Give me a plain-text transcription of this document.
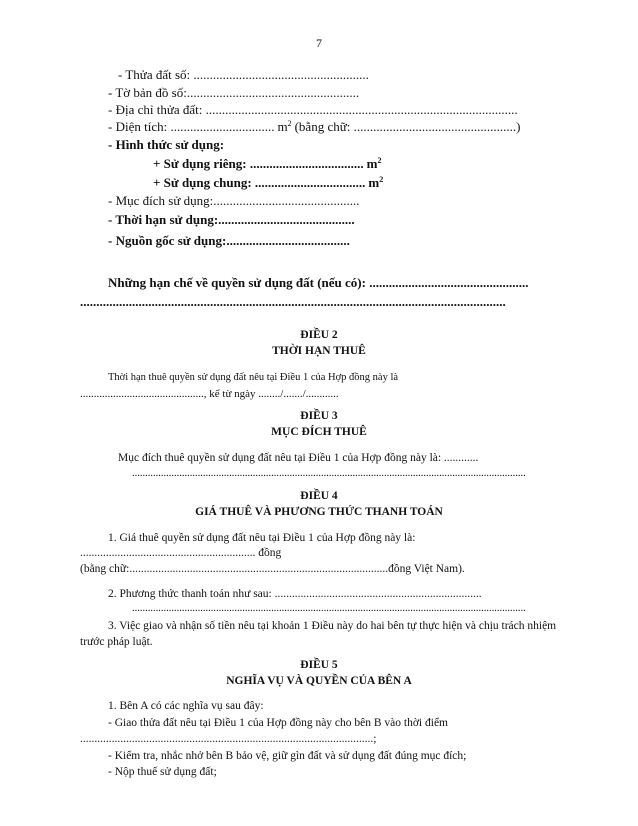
7
- Thửa đất số: ......................................................
- Tờ bản đồ số:.....................................................
- Địa chỉ thửa đất: ................................................................................................
- Diện tích: ................................ $m^2$ (bằng chữ: ..................................................)
- Hình thức sử dụng:
+ Sử dụng riêng: ................................... $m^2$
+ Sử dụng chung: .................................. $m^2$
- Mục đích sử dụng:.............................................
- Thời hạn sử dụng:..........................................
- Nguồn gốc sử dụng:......................................
Những hạn chế về quyền sử dụng đất (nếu có): .................................................
...................................................................................................................................
ĐIỀU 2
THỜI HẠN THUÊ
Thời hạn thuê quyền sử dụng đất nêu tại Điều 1 của Hợp đồng này là
............................................., kể từ ngày ......../......./............
ĐIỀU 3
MỤC ĐÍCH THUÊ
Mục đích thuê quyền sử dụng đất nêu tại Điều 1 của Hợp đồng này là: ............
......................................................................................................................................................
ĐIỀU 4
GIÁ THUÊ VÀ PHƯƠNG THỨC THANH TOÁN
1. Giá thuê quyền sử dụng đất nêu tại Điều 1 của Hợp đồng này là:
............................................................. đồng
(bằng chữ:..........................................................................................đồng Việt Nam).
2. Phương thức thanh toán như sau: ........................................................................
......................................................................................................................................................
3. Việc giao và nhận số tiền nêu tại khoản 1 Điều này do hai bên tự thực hiện và chịu trách nhiệm
trước pháp luật.
ĐIỀU 5
NGHĨA VỤ VÀ QUYỀN CỦA BÊN A
1. Bên A có các nghĩa vụ sau đây:
- Giao thửa đất nêu tại Điều 1 của Hợp đồng này cho bên B vào thời điểm
......................................................................................................;
- Kiểm tra, nhắc nhở bên B bảo vệ, giữ gìn đất và sử dụng đất đúng mục đích;
- Nộp thuế sử dụng đất;
